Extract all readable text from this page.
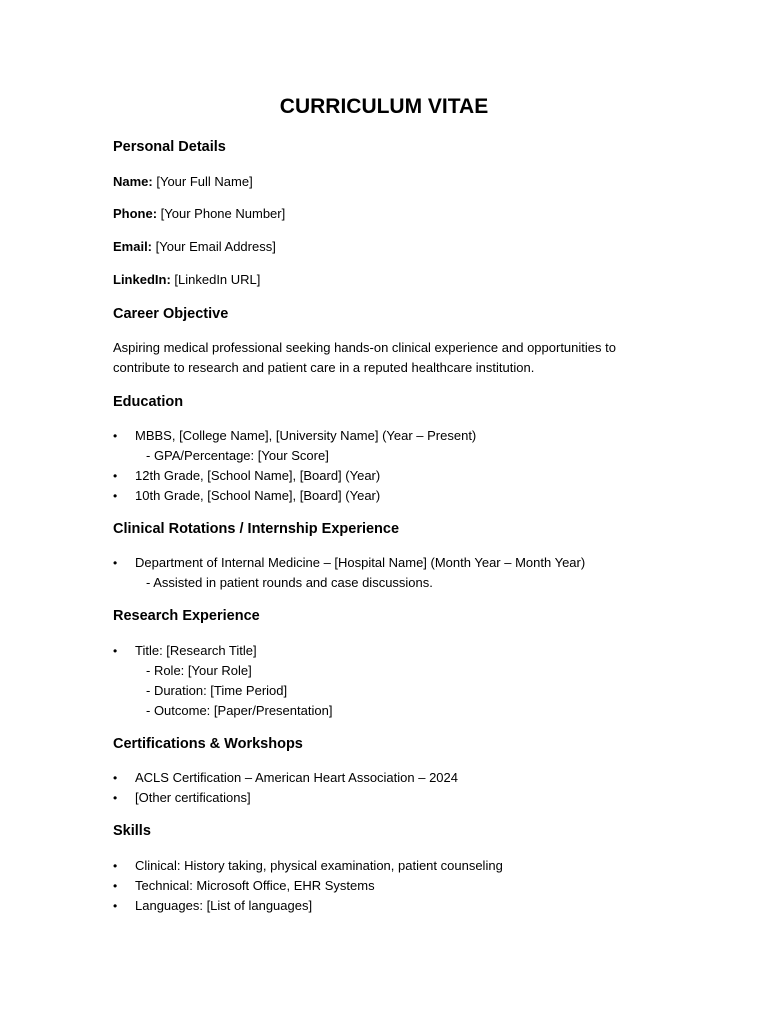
CURRICULUM VITAE
Personal Details
Name: [Your Full Name]
Phone: [Your Phone Number]
Email: [Your Email Address]
LinkedIn: [LinkedIn URL]
Career Objective
Aspiring medical professional seeking hands-on clinical experience and opportunities to
contribute to research and patient care in a reputed healthcare institution.
Education
•	MBBS, [College Name], [University Name] (Year – Present)
- GPA/Percentage: [Your Score]
•	12th Grade, [School Name], [Board] (Year)
•	10th Grade, [School Name], [Board] (Year)
Clinical Rotations / Internship Experience
•	Department of Internal Medicine – [Hospital Name] (Month Year – Month Year)
- Assisted in patient rounds and case discussions.
Research Experience
•	Title: [Research Title]
- Role: [Your Role]
- Duration: [Time Period]
- Outcome: [Paper/Presentation]
Certifications & Workshops
•	ACLS Certification – American Heart Association – 2024
•	[Other certifications]
Skills
•	Clinical: History taking, physical examination, patient counseling
•	Technical: Microsoft Office, EHR Systems
•	Languages: [List of languages]
